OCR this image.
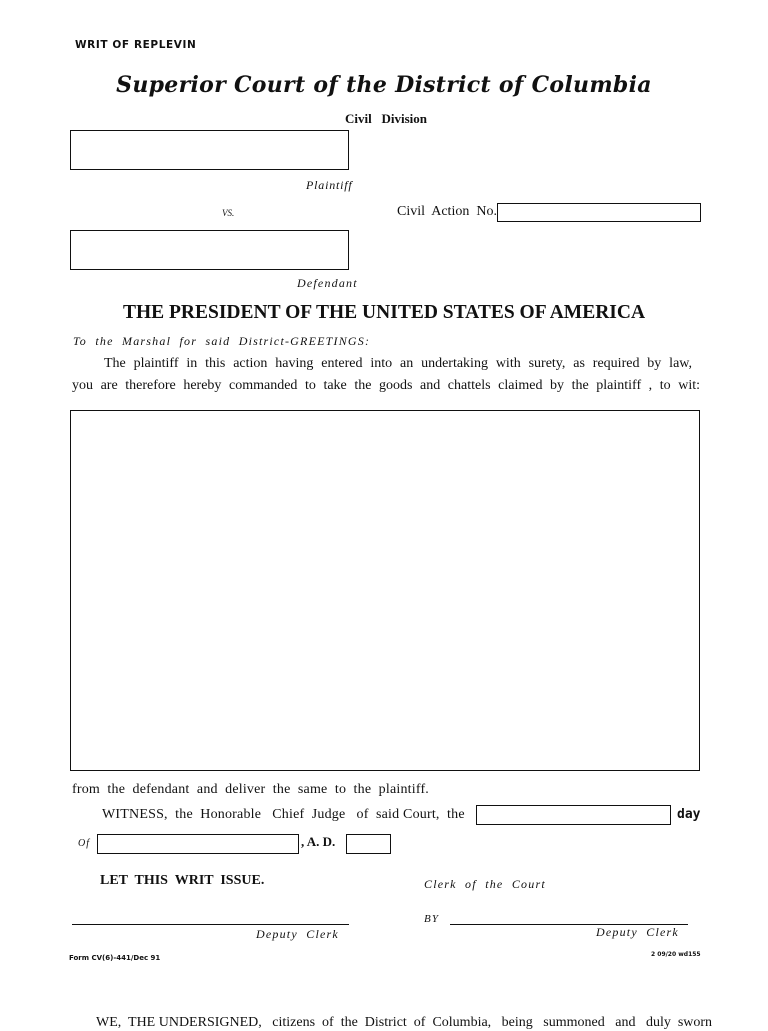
WRIT OF REPLEVIN
Superior Court of the District of Columbia
Civil   Division
Plaintiff
VS.	Civil  Action  No.
Defendant
THE PRESIDENT OF THE UNITED STATES OF AMERICA
To  the  Marshal  for  said  District-GREETINGS:
The plaintiff in this action having entered into an undertaking with surety, as required by law,
you are therefore hereby commanded to take the goods and chattels claimed by the plaintiff , to wit:
from  the  defendant  and  deliver  the  same  to  the  plaintiff.
WITNESS,  the  Honorable   Chief  Judge   of  said Court,  the	day
Of	, A. D.
LET  THIS  WRIT  ISSUE.	Clerk  of  the  Court
BY
Deputy  Clerk
Deputy  Clerk
Form CV(6)-441/Dec 91	2 09/20 wd155
WE,  THE UNDERSIGNED,   citizens  of  the  District  of  Columbia,   being   summoned   and   duly  sworn
